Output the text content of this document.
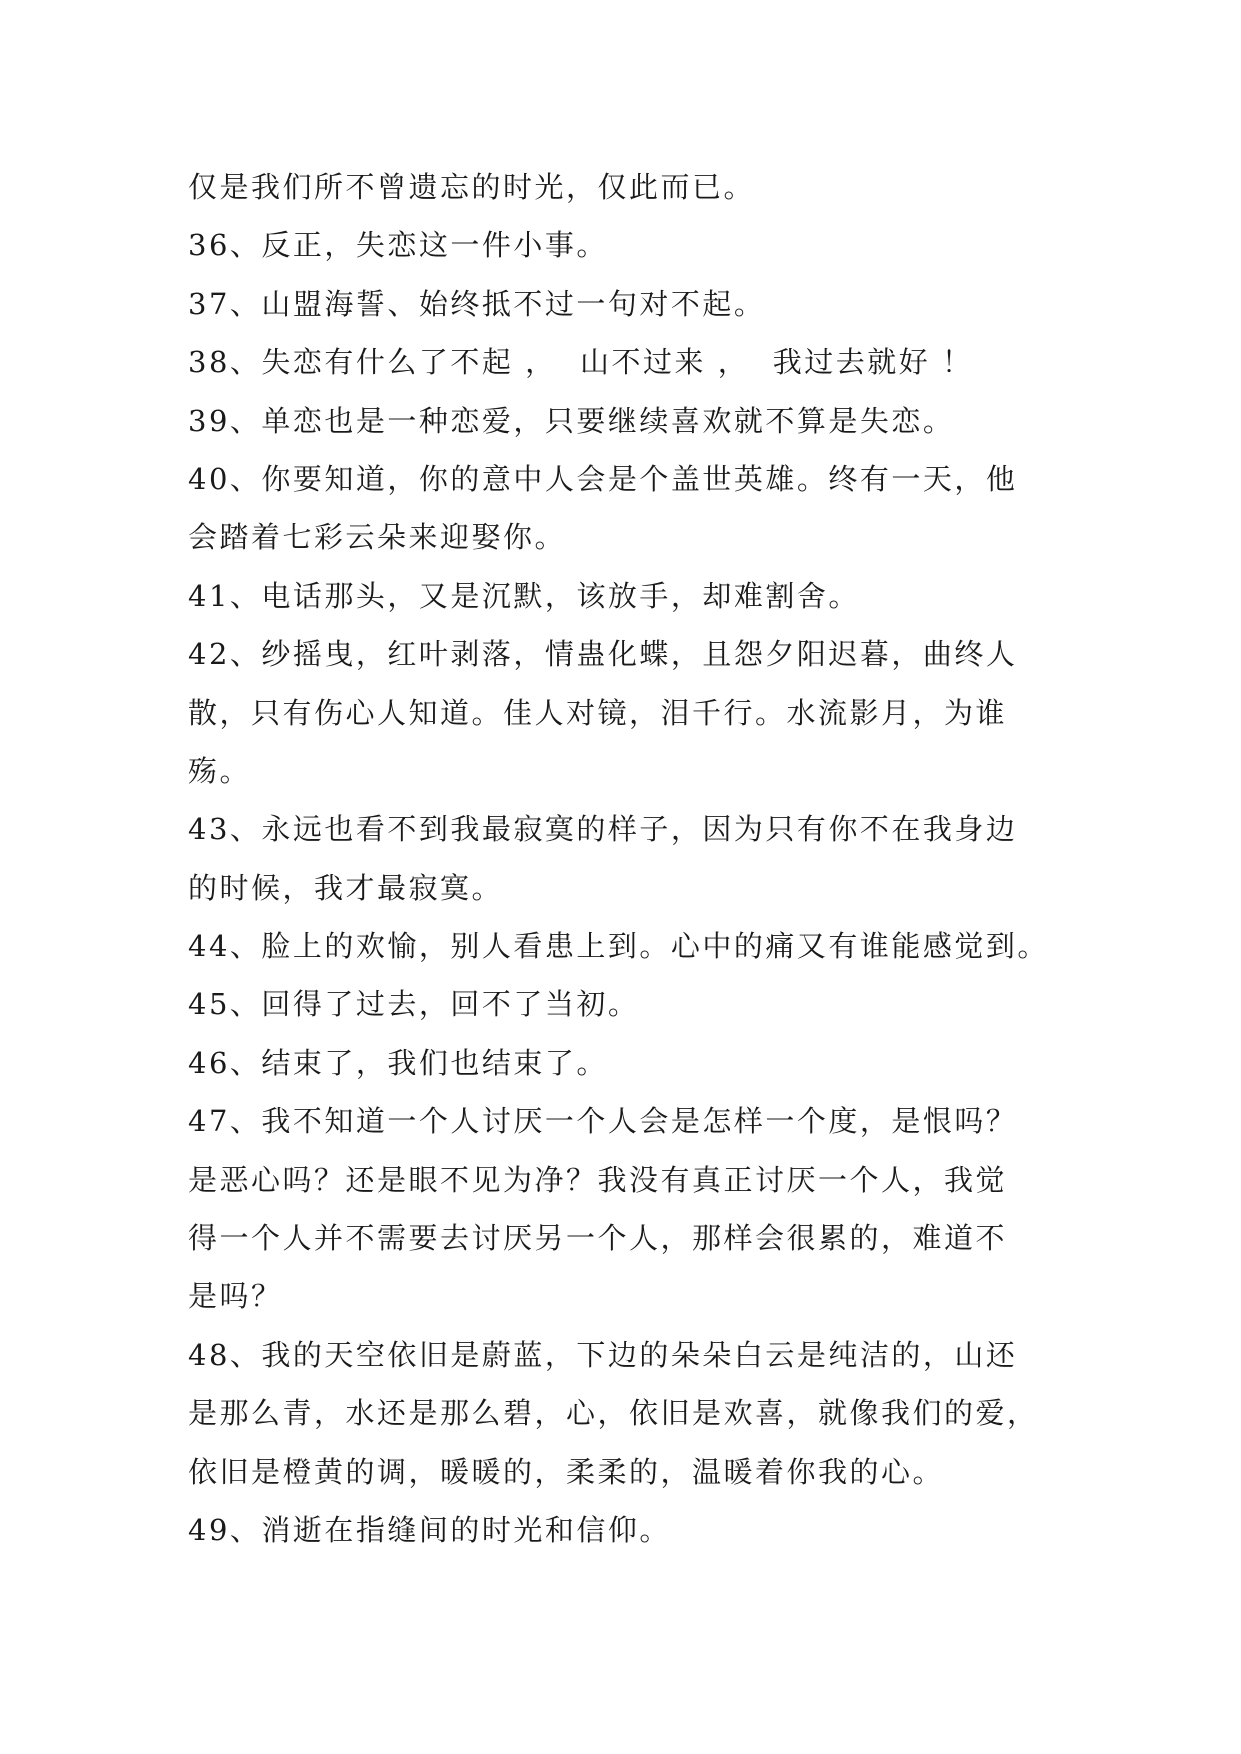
仅是我们所不曾遗忘的时光，仅此而已。
36、反正，失恋这一件小事。
37、山盟海誓、始终抵不过一句对不起。
38、失恋有什么了不起 ，  山不过来 ，  我过去就好 ！
39、单恋也是一种恋爱，只要继续喜欢就不算是失恋。
40、你要知道，你的意中人会是个盖世英雄。终有一天，他
会踏着七彩云朵来迎娶你。
41、电话那头，又是沉默，该放手，却难割舍。
42、纱摇曳，红叶剥落，情蛊化蝶，且怨夕阳迟暮，曲终人
散，只有伤心人知道。佳人对镜，泪千行。水流影月，为谁
殇。
43、永远也看不到我最寂寞的样子，因为只有你不在我身边
的时候，我才最寂寞。
44、脸上的欢愉，别人看患上到。心中的痛又有谁能感觉到。
45、回得了过去，回不了当初。
46、结束了，我们也结束了。
47、我不知道一个人讨厌一个人会是怎样一个度，是恨吗？
是恶心吗？还是眼不见为净？我没有真正讨厌一个人，我觉
得一个人并不需要去讨厌另一个人，那样会很累的，难道不
是吗？
48、我的天空依旧是蔚蓝，下边的朵朵白云是纯洁的，山还
是那么青，水还是那么碧，心，依旧是欢喜，就像我们的爱，
依旧是橙黄的调，暖暖的，柔柔的，温暖着你我的心。
49、消逝在指缝间的时光和信仰。
